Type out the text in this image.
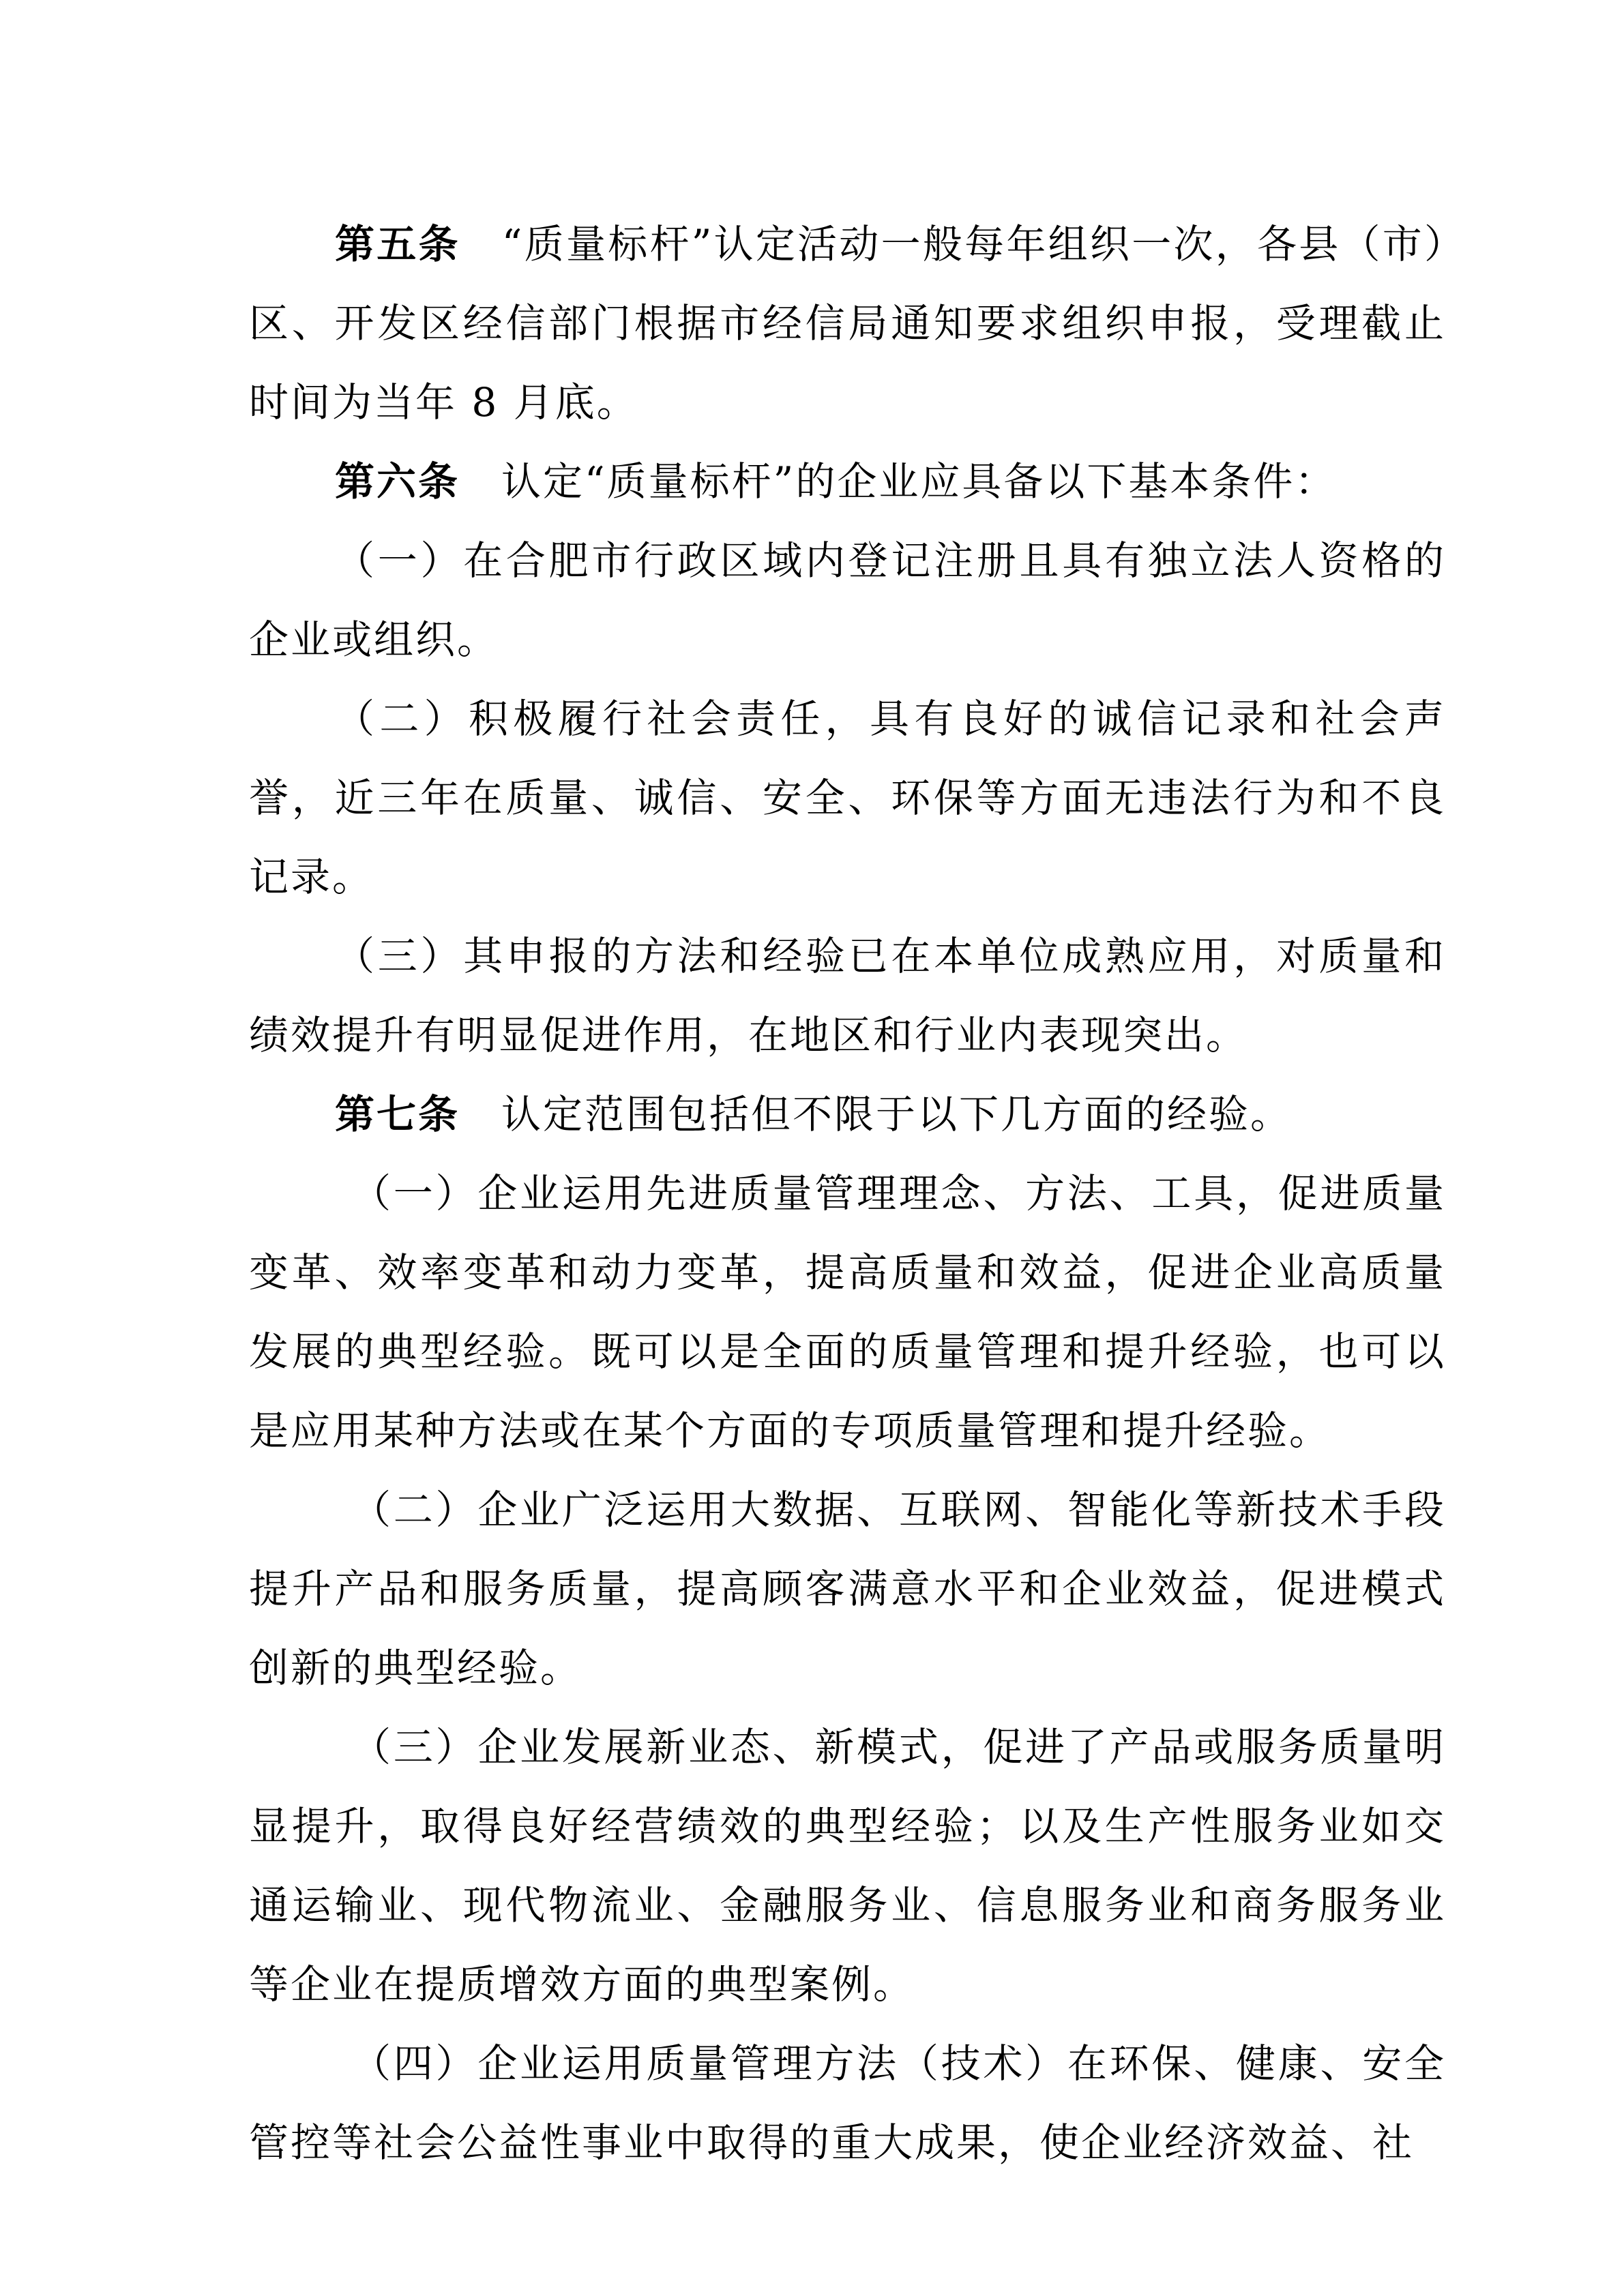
第五条  “质量标杆”认定活动一般每年组织一次，各县（市）区、开发区经信部门根据市经信局通知要求组织申报，受理截止时间为当年 8 月底。

第六条  认定“质量标杆”的企业应具备以下基本条件：

（一）在合肥市行政区域内登记注册且具有独立法人资格的企业或组织。

（二）积极履行社会责任，具有良好的诚信记录和社会声誉，近三年在质量、诚信、安全、环保等方面无违法行为和不良记录。

（三）其申报的方法和经验已在本单位成熟应用，对质量和绩效提升有明显促进作用，在地区和行业内表现突出。

第七条  认定范围包括但不限于以下几方面的经验。

（一）企业运用先进质量管理理念、方法、工具，促进质量变革、效率变革和动力变革，提高质量和效益，促进企业高质量发展的典型经验。既可以是全面的质量管理和提升经验，也可以是应用某种方法或在某个方面的专项质量管理和提升经验。

（二）企业广泛运用大数据、互联网、智能化等新技术手段提升产品和服务质量，提高顾客满意水平和企业效益，促进模式创新的典型经验。

（三）企业发展新业态、新模式，促进了产品或服务质量明显提升，取得良好经营绩效的典型经验；以及生产性服务业如交通运输业、现代物流业、金融服务业、信息服务业和商务服务业等企业在提质增效方面的典型案例。

（四）企业运用质量管理方法（技术）在环保、健康、安全管控等社会公益性事业中取得的重大成果，使企业经济效益、社
